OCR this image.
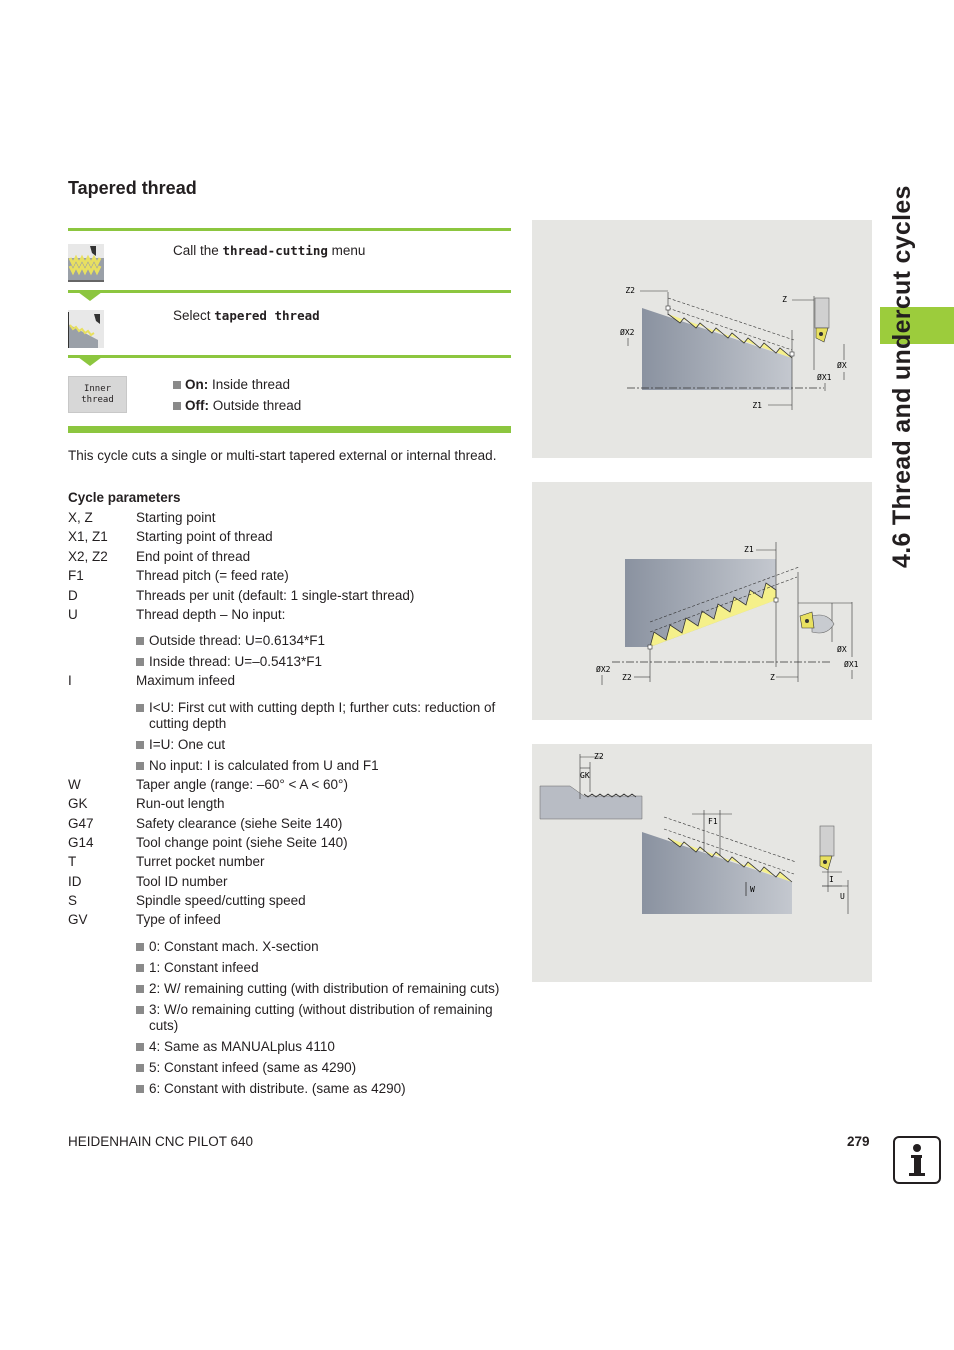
Tapered thread	4.6 Thread and undercut cycles
Call the thread-cutting menu
Select tapered thread
Inner
thread
On: Inside thread
Off: Outside thread
This cycle cuts a single or multi-start tapered external or internal thread.
Cycle parameters
X, Z	Starting point
X1, Z1	Starting point of thread
X2, Z2	End point of thread
F1	Thread pitch (= feed rate)
D	Threads per unit (default: 1 single-start thread)
U	Thread depth – No input:
Outside thread: U=0.6134*F1
Inside thread: U=–0.5413*F1
I	Maximum infeed
I<U: First cut with cutting depth I; further cuts: reduction of cutting depth
I=U: One cut
No input: I is calculated from U and F1
W	Taper angle (range: –60° < A < 60°)
GK	Run-out length
G47	Safety clearance (siehe Seite 140)
G14	Tool change point (siehe Seite 140)
T	Turret pocket number
ID	Tool ID number
S	Spindle speed/cutting speed
GV	Type of infeed
0: Constant mach. X-section
1: Constant infeed
2: W/ remaining cutting (with distribution of remaining cuts)
3: W/o remaining cutting (without distribution of remaining cuts)
4: Same as MANUALplus 4110
5: Constant infeed (same as 4290)
6: Constant with distribute. (same as 4290)
Z2
Z
ØX2
ØX
ØX1
Z1
Z1
ØX2
Z2	Z
ØX
ØX1
Z2
GK
F1
W
I
U
HEIDENHAIN CNC PILOT 640	279
